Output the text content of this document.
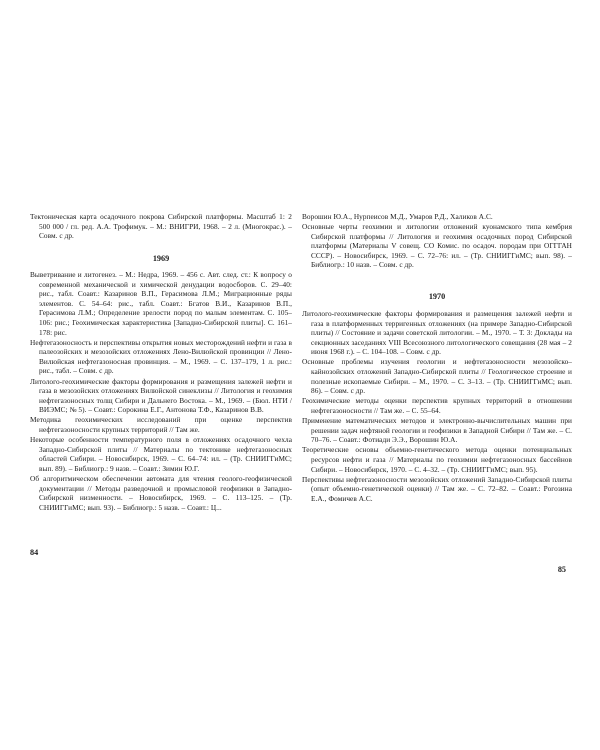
Тектоническая карта осадочного покрова Сибирской платформы. Масштаб 1: 2 500 000 / гл. ред. А.А. Трофимук. – М.: ВНИГРИ, 1968. – 2 л. (Многокрас.). – Совм. с др.

1969

Выветривание и литогенез. – М.: Недра, 1969. – 456 с. Авт. след. ст.: К вопросу о современной механической и химической денудации водосборов. С. 29–40: рис., табл. Соавт.: Казаринов В.П., Герасимова Л.М.; Миграционные ряды элементов. С. 54–64: рис., табл. Соавт.: Бгатов В.И., Казаринов В.П., Герасимова Л.М.; Определение зрелости пород по малым элементам. С. 105–106: рис.; Геохимическая характеристика [Западно-Сибирской плиты]. С. 161–178: рис.

Нефтегазоносность и перспективы открытия новых месторождений нефти и газа в палеозойских и мезозойских отложениях Лено-Вилюйской провинции // Лено-Вилюйская нефтегазоносная провинция. – М., 1969. – С. 137–179, 1 л. рис.: рис., табл. – Совм. с др.

Литолого-геохимические факторы формирования и размещения залежей нефти и газа в мезозойских отложениях Вилюйской синеклизы // Литология и геохимия нефтегазоносных толщ Сибири и Дальнего Востока. – М., 1969. – (Бюл. НТИ / ВИЭМС; № 5). – Соавт.: Сорокина Е.Г., Антонова Т.Ф., Казаринов В.В.

Методика геохимических исследований при оценке перспектив нефтегазоносности крупных территорий // Там же.

Некоторые особенности температурного поля в отложениях осадочного чехла Западно-Сибирской плиты // Материалы по тектонике нефтегазоносных областей Сибири. – Новосибирск, 1969. – С. 64–74: ил. – (Тр. СНИИГГиМС; вып. 89). – Библиогр.: 9 назв. – Соавт.: Зимин Ю.Г.

Об алгоритмическом обеспечении автомата для чтения геолого-геофизической документации // Методы разведочной и промысловой геофизики в Западно-Сибирской низменности. – Новосибирск, 1969. – С. 113–125. – (Тр. СНИИГГиМС; вып. 93). – Библиогр.: 5 назв. – Соавт.: Ц...

84

Ворошин Ю.А., Нурпеисов М.Д., Умаров Р.Д., Халиков А.С.

Основные черты геохимии и литологии отложений куонамского типа кембрия Сибирской платформы // Литология и геохимия осадочных пород Сибирской платформы (Материалы V совещ. СО Комис. по осадоч. породам при ОГГГАН СССР). – Новосибирск, 1969. – С. 72–76: ил. – (Тр. СНИИГГиМС; вып. 98). – Библиогр.: 10 назв. – Совм. с др.

1970

Литолого-геохимические факторы формирования и размещения залежей нефти и газа в платформенных терригенных отложениях (на примере Западно-Сибирской плиты) // Состояние и задачи советской литологии. – М., 1970. – Т. 3: Доклады на секционных заседаниях VIII Всесоюзного литологического совещания (28 мая – 2 июня 1968 г.). – С. 104–108. – Совм. с др.

Основные проблемы изучения геологии и нефтегазоносности мезозойско–кайнозойских отложений Западно-Сибирской плиты // Геологическое строение и полезные ископаемые Сибири. – М., 1970. – С. 3–13. – (Тр. СНИИГГиМС; вып. 86). – Совм. с др.

Геохимические методы оценки перспектив крупных территорий в отношении нефтегазоносности // Там же. – С. 55–64.

Применение математических методов и электронно-вычислительных машин при решении задач нефтяной геологии и геофизики в Западной Сибири // Там же. – С. 70–76. – Соавт.: Фотиади Э.Э., Ворошин Ю.А.

Теоретические основы объемно-генетического метода оценки потенциальных ресурсов нефти и газа // Материалы по геохимии нефтегазоносных бассейнов Сибири. – Новосибирск, 1970. – С. 4–32. – (Тр. СНИИГГиМС; вып. 95).

Перспективы нефтегазоносности мезозойских отложений Западно-Сибирской плиты (опыт объемно-генетической оценки) // Там же. – С. 72–82. – Соавт.: Рогозина Е.А., Фомичев А.С.

85
